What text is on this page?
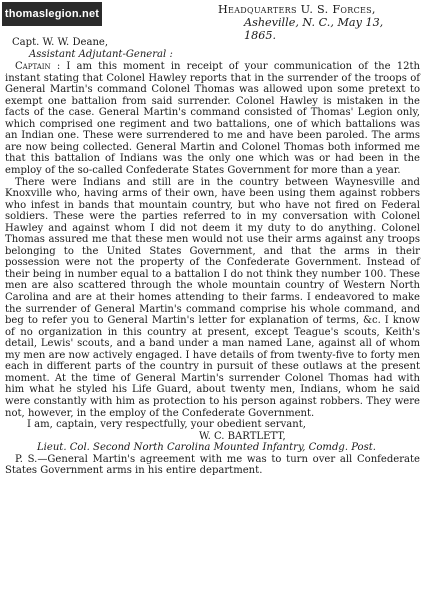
thomaslegion.net	Headquarters U. S. Forces,
Asheville, N. C., May 13, 1865.

Capt. W. W. Deane,

Assistant Adjutant-General :

Captain : I am this moment in receipt of your communication of the 12th instant stating that Colonel Hawley reports that in the surrender of the troops of General Martin's command Colonel Thomas was allowed upon some pretext to exempt one battalion from said surrender. Colonel Hawley is mistaken in the facts of the case. General Martin's command consisted of Thomas' Legion only, which comprised one regiment and two battalions, one of which battalions was an Indian one. These were surrendered to me and have been paroled. The arms are now being collected. General Martin and Colonel Thomas both informed me that this battalion of Indians was the only one which was or had been in the employ of the so-called Confederate States Government for more than a year.

There were Indians and still are in the country between Waynesville and Knoxville who, having arms of their own, have been using them against robbers who infest in bands that mountain country, but who have not fired on Federal soldiers. These were the parties referred to in my conversation with Colonel Hawley and against whom I did not deem it my duty to do anything. Colonel Thomas assured me that these men would not use their arms against any troops belonging to the United States Government, and that the arms in their possession were not the property of the Confederate Government. Instead of their being in number equal to a battalion I do not think they number 100. These men are also scattered through the whole mountain country of Western North Carolina and are at their homes attending to their farms. I endeavored to make the surrender of General Martin's command comprise his whole command, and beg to refer you to General Martin's letter for explanation of terms, &c. I know of no organization in this country at present, except Teague's scouts, Keith's detail, Lewis' scouts, and a band under a man named Lane, against all of whom my men are now actively engaged. I have details of from twenty-five to forty men each in different parts of the country in pursuit of these outlaws at the present moment. At the time of General Martin's surrender Colonel Thomas had with him what he styled his Life Guard, about twenty men, Indians, whom he said were constantly with him as protection to his person against robbers. They were not, however, in the employ of the Confederate Government.

I am, captain, very respectfully, your obedient servant,

W. C. BARTLETT,

Lieut. Col. Second North Carolina Mounted Infantry, Comdg. Post.

P. S.—General Martin's agreement with me was to turn over all Confederate States Government arms in his entire department.
